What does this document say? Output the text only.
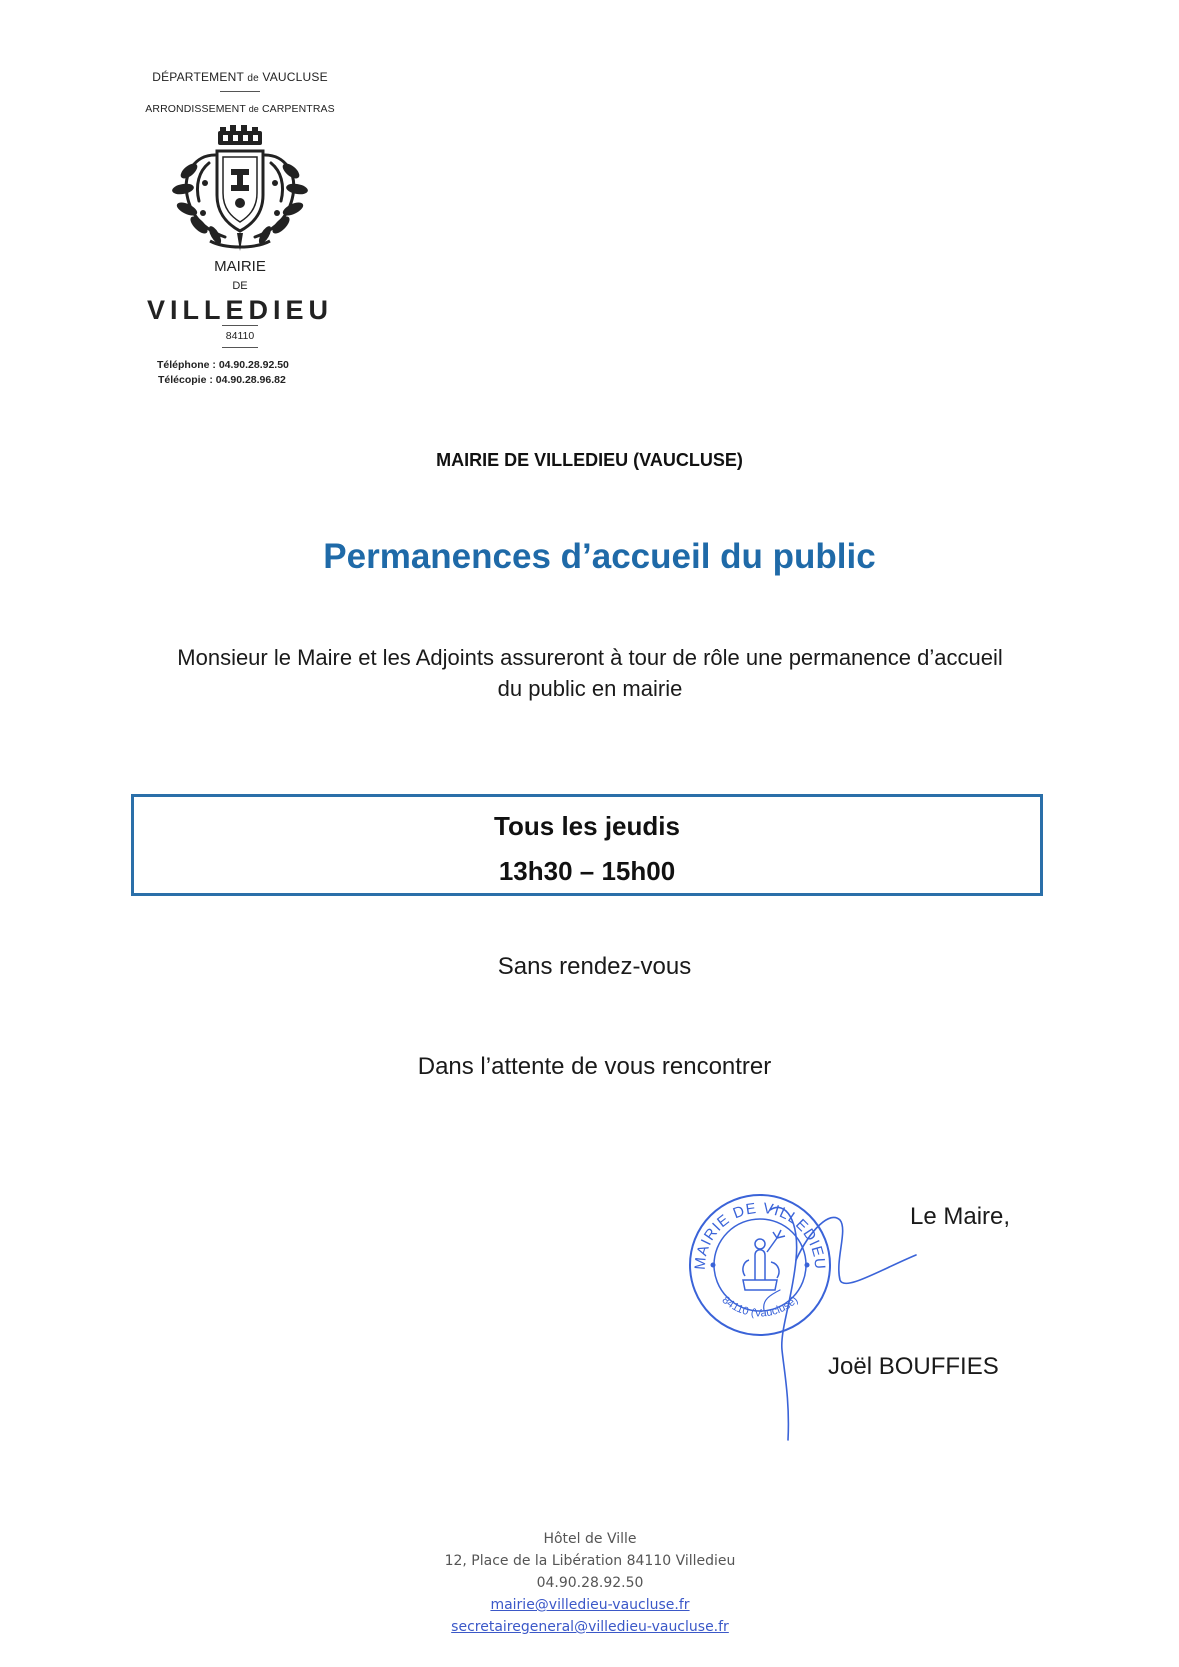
DÉPARTEMENT de VAUCLUSE
ARRONDISSEMENT de CARPENTRAS
MAIRIE
DE
VILLEDIEU
84110
Téléphone : 04.90.28.92.50
Télécopie : 04.90.28.96.82
MAIRIE DE VILLEDIEU (VAUCLUSE)
Permanences d’accueil du public
Monsieur le Maire et les Adjoints assureront à tour de rôle une permanence d’accueil
du public en mairie
Tous les jeudis
13h30 – 15h00
Sans rendez-vous
Dans l’attente de vous rencontrer
MAIRIE DE VILLEDIEU
84110 (Vaucluse)
Le Maire,
Joël BOUFFIES
Hôtel de Ville
12, Place de la Libération 84110 Villedieu
04.90.28.92.50
mairie@villedieu-vaucluse.fr
secretairegeneral@villedieu-vaucluse.fr
